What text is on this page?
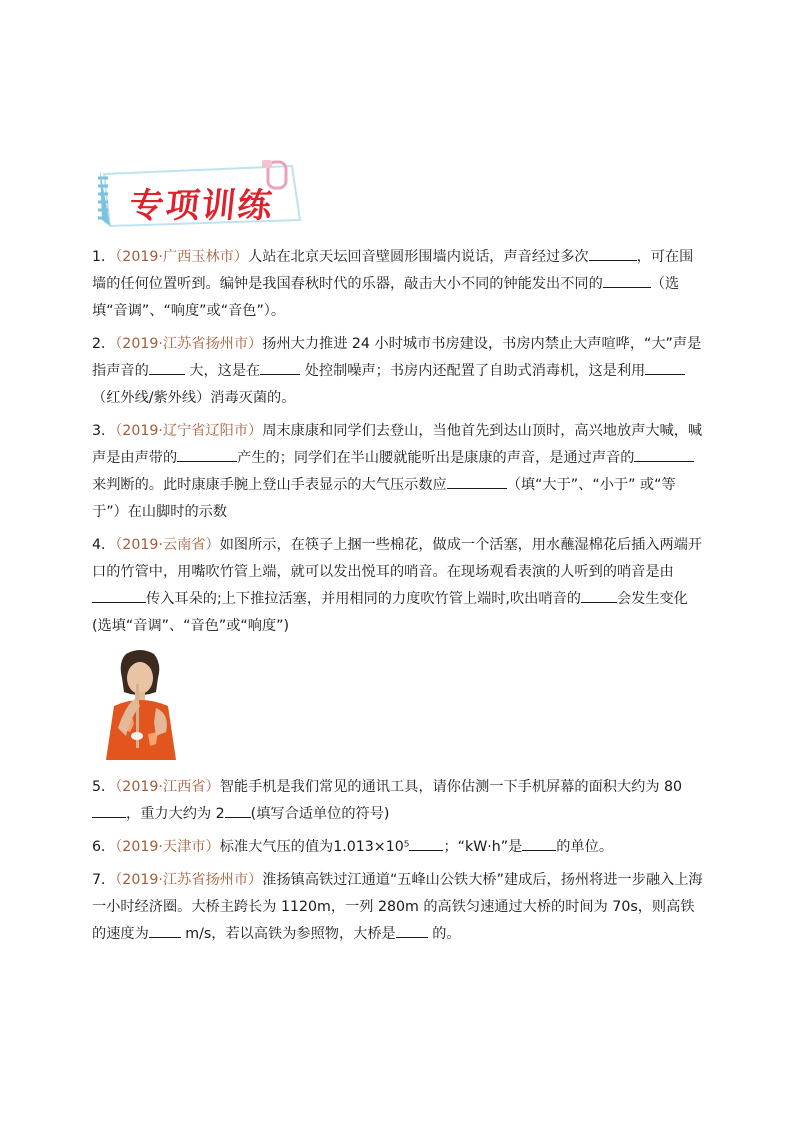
专项训练

1．（2019·广西玉林市）人站在北京天坛回音壁圆形围墙内说话，声音经过多次	，可在围墙的任何位置听到。编钟是我国春秋时代的乐器，敲击大小不同的钟能发出不同的	（选填“音调”、“响度”或“音色”）。

2．（2019·江苏省扬州市）扬州大力推进 24 小时城市书房建设，书房内禁止大声喧哗，“大”声是指声音的	大，这是在	处控制噪声；书房内还配置了自助式消毒机，这是利用 （红外线/紫外线）消毒灭菌的。

3．（2019·辽宁省辽阳市）周末康康和同学们去登山，当他首先到达山顶时，高兴地放声大喊，喊声是由声带的	产生的；同学们在半山腰就能听出是康康的声音，是通过声音的来判断的。此时康康手腕上登山手表显示的大气压示数应	（填“大于”、“小于” 或“等于”）在山脚时的示数

4．（2019·云南省）如图所示，在筷子上捆一些棉花，做成一个活塞，用水蘸湿棉花后插入两端开口的竹管中，用嘴吹竹管上端，就可以发出悦耳的哨音。在现场观看表演的人听到的哨音是由传入耳朵的;上下推拉活塞，并用相同的力度吹竹管上端时,吹出哨音的	会发生变化(选填“音调”、“音色”或“响度”)

5．（2019·江西省）智能手机是我们常见的通讯工具，请你估测一下手机屏幕的面积大约为 80，重力大约为 2 (填写合适单位的符号)

6．（2019·天津市）标准大气压的值为1.013×10⁵ ；“kW·h”是 的单位。

7．（2019·江苏省扬州市）淮扬镇高铁过江通道“五峰山公铁大桥”建成后，扬州将进一步融入上海一小时经济圈。大桥主跨长为 1120m，一列 280m 的高铁匀速通过大桥的时间为 70s，则高铁的速度为 m/s，若以高铁为参照物，大桥是 的。
